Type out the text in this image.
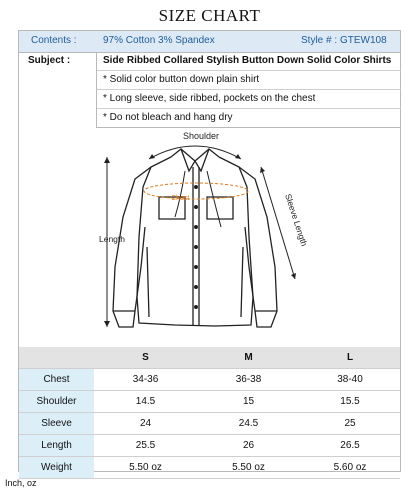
SIZE CHART
Contents :	97% Cotton 3% Spandex	Style # : GTEW108
Subject :	Side Ribbed Collared Stylish Button Down Solid Color Shirts
* Solid color button down plain shirt
* Long sleeve, side ribbed, pockets on the chest
* Do not bleach and hang dry
Shoulder
Chest	Sleeve Length
Length
S	M	L
Chest	34-36	36-38	38-40
Shoulder	14.5	15	15.5
Sleeve	24	24.5	25
Length	25.5	26	26.5
Weight	5.50 oz	5.50 oz	5.60 oz
Inch, oz
